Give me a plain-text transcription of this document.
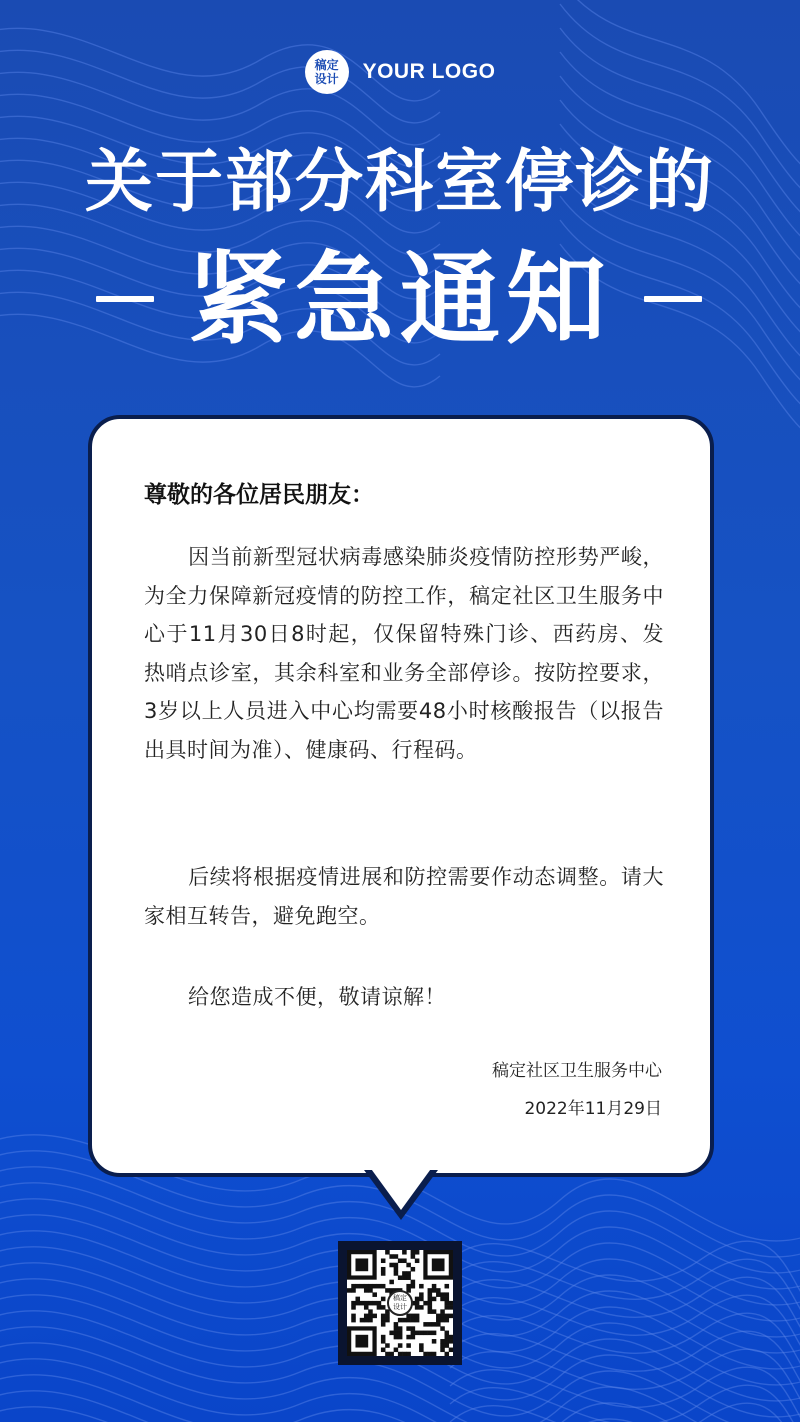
稿定
设计 YOUR LOGO
关于部分科室停诊的
紧急通知
尊敬的各位居民朋友：

因当前新型冠状病毒感染肺炎疫情防控形势严峻，为全力保障新冠疫情的防控工作，稿定社区卫生服务中心于11月30日8时起，仅保留特殊门诊、西药房、发热哨点诊室，其余科室和业务全部停诊。按防控要求，3岁以上人员进入中心均需要48小时核酸报告（以报告出具时间为准）、健康码、行程码。

后续将根据疫情进展和防控需要作动态调整。请大家相互转告，避免跑空。

给您造成不便，敬请谅解！

稿定社区卫生服务中心
2022年11月29日
稿定
设计
